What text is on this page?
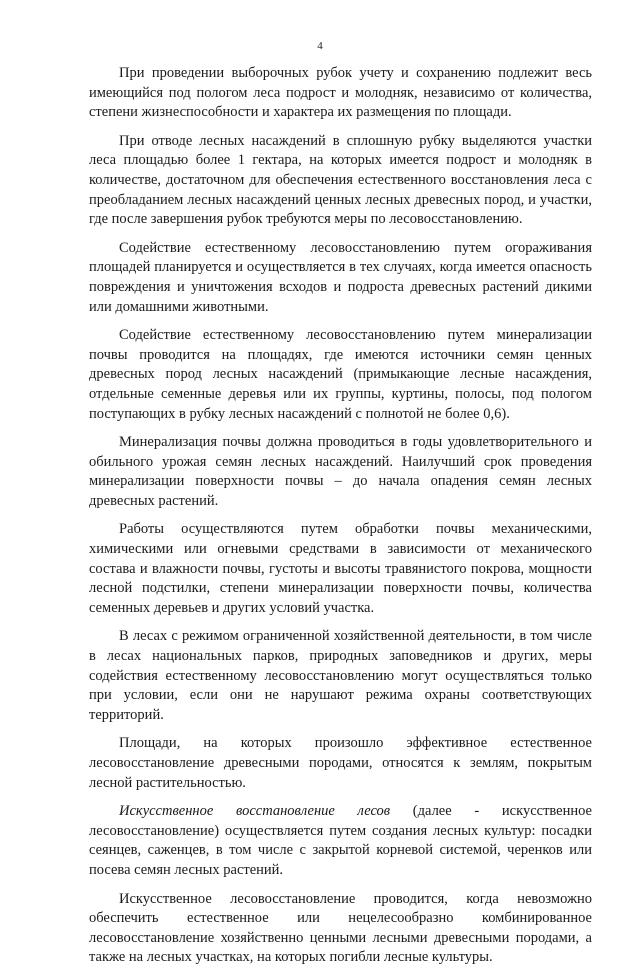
4

При проведении выборочных рубок учету и сохранению подлежит весь имеющийся под пологом леса подрост и молодняк, независимо от количества, степени жизнеспособности и характера их размещения по площади.

При отводе лесных насаждений в сплошную рубку выделяются участки леса площадью более 1 гектара, на которых имеется подрост и молодняк в количестве, достаточном для обеспечения естественного восстановления леса с преобладанием лесных насаждений ценных лесных древесных пород, и участки, где после завершения рубок требуются меры по лесовосстановлению.

Содействие естественному лесовосстановлению путем огораживания площадей планируется и осуществляется в тех случаях, когда имеется опасность повреждения и уничтожения всходов и подроста древесных растений дикими или домашними животными.

Содействие естественному лесовосстановлению путем минерализации почвы проводится на площадях, где имеются источники семян ценных древесных пород лесных насаждений (примыкающие лесные насаждения, отдельные семенные деревья или их группы, куртины, полосы, под пологом поступающих в рубку лесных насаждений с полнотой не более 0,6).

Минерализация почвы должна проводиться в годы удовлетворительного и обильного урожая семян лесных насаждений. Наилучший срок проведения минерализации поверхности почвы – до начала опадения семян лесных древесных растений.

Работы осуществляются путем обработки почвы механическими, химическими или огневыми средствами в зависимости от механического состава и влажности почвы, густоты и высоты травянистого покрова, мощности лесной подстилки, степени минерализации поверхности почвы, количества семенных деревьев и других условий участка.

В лесах с режимом ограниченной хозяйственной деятельности, в том числе в лесах национальных парков, природных заповедников и других, меры содействия естественному лесовосстановлению могут осуществляться только при условии, если они не нарушают режима охраны соответствующих территорий.

Площади, на которых произошло эффективное естественное лесовосстановление древесными породами, относятся к землям, покрытым лесной растительностью.

Искусственное восстановление лесов (далее - искусственное лесовосстановление) осуществляется путем создания лесных культур: посадки сеянцев, саженцев, в том числе с закрытой корневой системой, черенков или посева семян лесных растений.

Искусственное лесовосстановление проводится, когда невозможно обеспечить естественное или нецелесообразно комбинированное лесовосстановление хозяйственно ценными лесными древесными породами, а также на лесных участках, на которых погибли лесные культуры.
